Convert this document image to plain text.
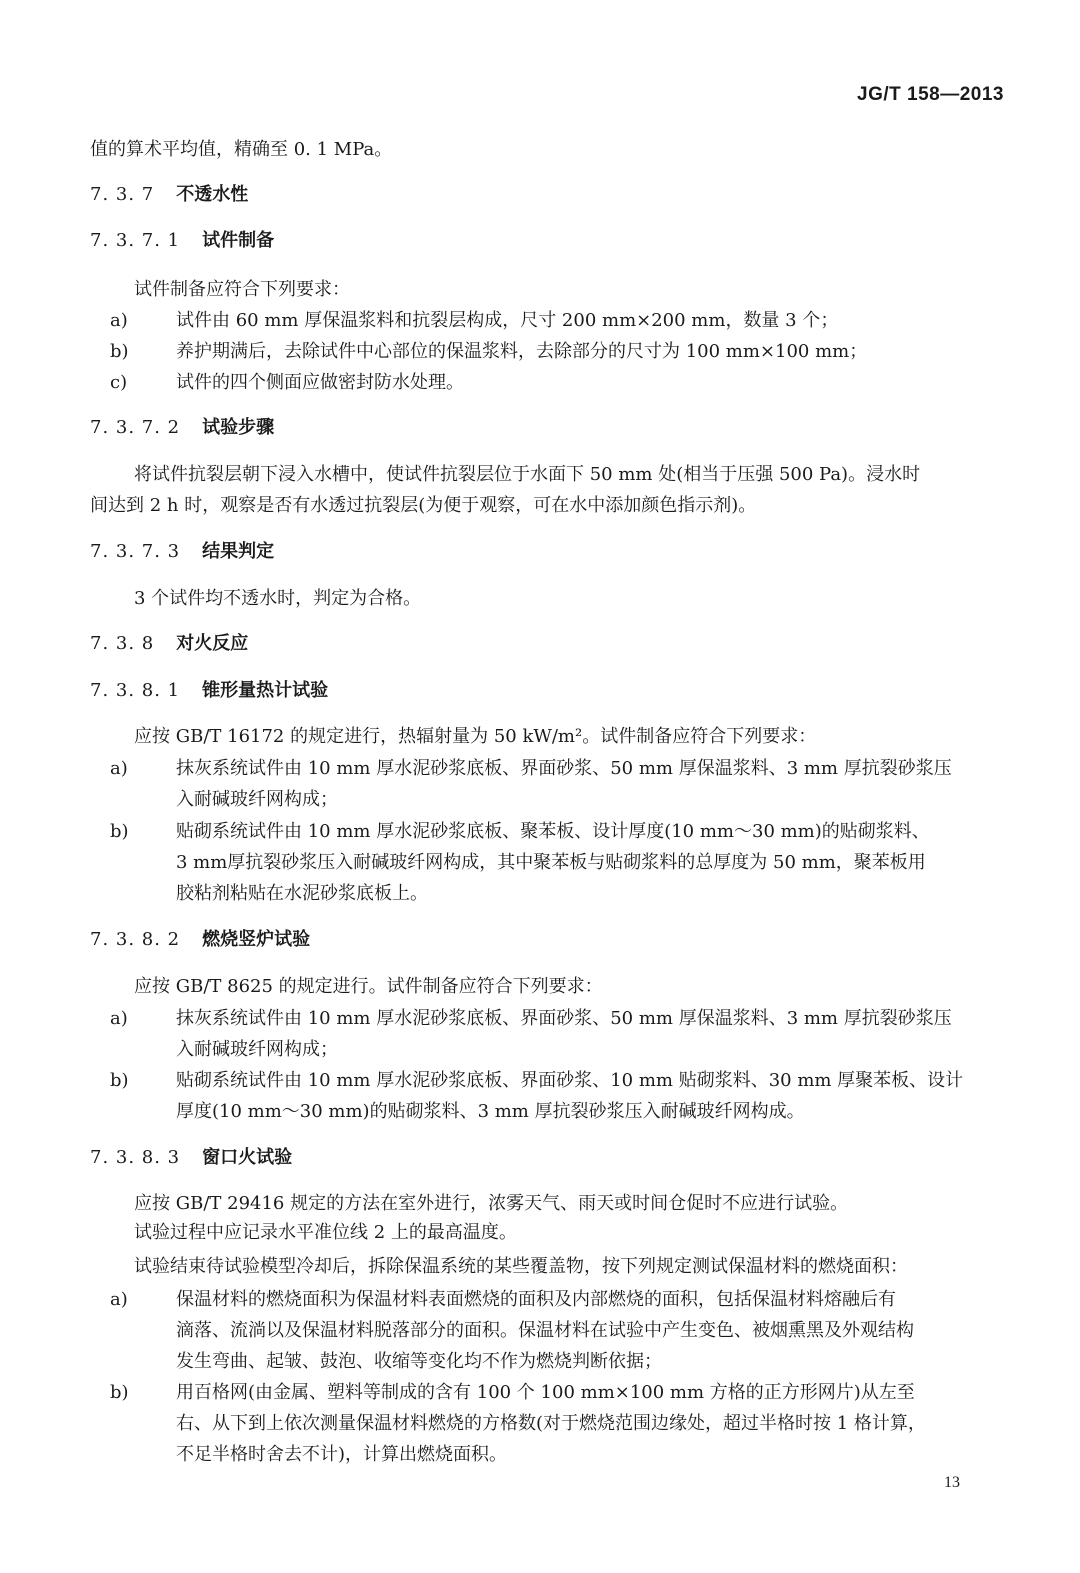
JG/T 158—2013
值的算术平均值，精确至 0. 1 MPa。
7. 3. 7 不透水性
7. 3. 7. 1 试件制备
试件制备应符合下列要求：
a)	试件由 60 mm 厚保温浆料和抗裂层构成，尺寸 200 mm×200 mm，数量 3 个；
b)	养护期满后，去除试件中心部位的保温浆料，去除部分的尺寸为 100 mm×100 mm；
c)	试件的四个侧面应做密封防水处理。
7. 3. 7. 2 试验步骤
将试件抗裂层朝下浸入水槽中，使试件抗裂层位于水面下 50 mm 处(相当于压强 500 Pa)。浸水时
间达到 2 h 时，观察是否有水透过抗裂层(为便于观察，可在水中添加颜色指示剂)。
7. 3. 7. 3 结果判定
3 个试件均不透水时，判定为合格。
7. 3. 8 对火反应
7. 3. 8. 1 锥形量热计试验
应按 GB/T 16172 的规定进行，热辐射量为 50 kW/m²。试件制备应符合下列要求：
a)	抹灰系统试件由 10 mm 厚水泥砂浆底板、界面砂浆、50 mm 厚保温浆料、3 mm 厚抗裂砂浆压
入耐碱玻纤网构成；
b)	贴砌系统试件由 10 mm 厚水泥砂浆底板、聚苯板、设计厚度(10 mm～30 mm)的贴砌浆料、
3 mm厚抗裂砂浆压入耐碱玻纤网构成，其中聚苯板与贴砌浆料的总厚度为 50 mm，聚苯板用
胶粘剂粘贴在水泥砂浆底板上。
7. 3. 8. 2 燃烧竖炉试验
应按 GB/T 8625 的规定进行。试件制备应符合下列要求：
a)	抹灰系统试件由 10 mm 厚水泥砂浆底板、界面砂浆、50 mm 厚保温浆料、3 mm 厚抗裂砂浆压
入耐碱玻纤网构成；
b)	贴砌系统试件由 10 mm 厚水泥砂浆底板、界面砂浆、10 mm 贴砌浆料、30 mm 厚聚苯板、设计
厚度(10 mm～30 mm)的贴砌浆料、3 mm 厚抗裂砂浆压入耐碱玻纤网构成。
7. 3. 8. 3 窗口火试验
应按 GB/T 29416 规定的方法在室外进行，浓雾天气、雨天或时间仓促时不应进行试验。
试验过程中应记录水平准位线 2 上的最高温度。
试验结束待试验模型冷却后，拆除保温系统的某些覆盖物，按下列规定测试保温材料的燃烧面积：
a)	保温材料的燃烧面积为保温材料表面燃烧的面积及内部燃烧的面积，包括保温材料熔融后有
滴落、流淌以及保温材料脱落部分的面积。保温材料在试验中产生变色、被烟熏黑及外观结构
发生弯曲、起皱、鼓泡、收缩等变化均不作为燃烧判断依据；
b)	用百格网(由金属、塑料等制成的含有 100 个 100 mm×100 mm 方格的正方形网片)从左至
右、从下到上依次测量保温材料燃烧的方格数(对于燃烧范围边缘处，超过半格时按 1 格计算，
不足半格时舍去不计)，计算出燃烧面积。
13
